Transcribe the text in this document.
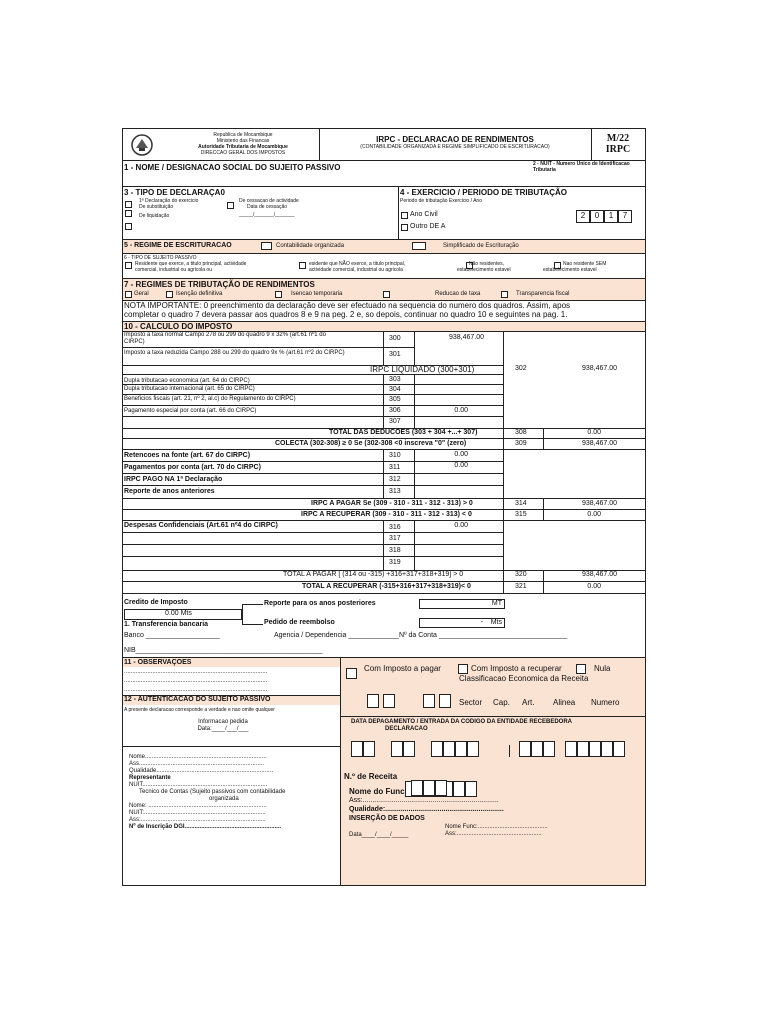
Republica de Mocambique
Ministerio das Financas
Autoridade Tributaria de Mocambique
DIRECCAO GERAL DOS IMPOSTOS
IRPC - DECLARACAO DE RENDIMENTOS
(CONTABILIDADE ORGANIZADA E REGIME SIMPLIFICADO DE ESCRITURACAO)
M/22
IRPC
1 - NOME / DESIGNACAO SOCIAL DO SUJEITO PASSIVO	2 - NUIT - Numero Unico de Identificacao Tributaria
3 - TIPO DE DECLARAÇA0
1ª Declaração do exercicio
De substituição
De liquidação
De cessacao de actividade
Data de cessação
_____/_______/_______
4 - EXERCICIO / PERIODO DE TRIBUTAÇÃO
Periodo de tributação Exercicio / Ano
Ano Civil
Outro DE A
2	0	1	7
5 - REGIME DE ESCRITURACAO	Contabilidade organizada	Simplificado de Escrituração
6 - TIPO DE SUJEITO PASSIVO
Residente que exerce, a titulo principal, actividade
comercial, industrial ou agricola ou
esidente que NÃO exerce, a titulo principal,
actividade comercial, industrial ou agricola
Não residentes,
estabelecimento estavel
Nao residente SEM
estabelecimento estavel
7 - REGIMES DE TRIBUTAÇÃO DE RENDIMENTOS
Geral	Isenção definitiva	Isencao temporaria	Reducao de taxa	Transparencia fiscal
NOTA IMPORTANTE: 0 preenchimento da declaração deve ser efectuado na sequencia do numero dos quadros. Assim, apos
completar o quadro 7 devera passar aos quadros 8 e 9 na peg. 2 e, so depois, continuar no quadro 10 e seguintes na pag. 1.
10 - CALCULO DO IMPOSTO
Imposto a taxa normal Campo 278 ou 299 do quadro 9 x 32% (art.61 nº1 do
CIRPC)	300	938,467.00
Imposto a taxa reduzida Campo 288 ou 299 do quadro 9x % (art.61 nº2 do CIRPC)	301
IRPC LIQUIDADO (300+301)	302	938,467.00
Dupla tributacao economica (art. 64 do CIRPC)	303
Dupla tributacao internacional (art. 65 do CIRPC)	304
Beneficios fiscais (art. 21, nº 2, al.c) do Regulamento do CIRPC)	305
Pagamento especial por conta (art. 66 do CIRPC)	306	0.00
307
TOTAL DAS DEDUCOES (303 + 304 +...+ 307)	308	0.00
COLECTA (302-308) ≥ 0 Se (302-308 <0 inscreva "0" (zero)	309	938,467.00
Retencoes na fonte (art. 67 do CIRPC)	310	0.00
Pagamentos por conta (art. 70 do CIRPC)	311	0.00
IRPC PAGO NA 1ª Declaração	312
Reporte de anos anteriores	313
IRPC A PAGAR Se (309 - 310 - 311 - 312 - 313) > 0	314	938,467.00
IRPC A RECUPERAR (309 - 310 - 311 - 312 - 313) < 0	315	0.00
Despesas Confidenciais (Art.61 nº4 do CIRPC)	316	0.00
317
318
319
TOTAL A PAGAR [ (314 ou -315) +316+317+318+319] > 0	320	938,467.00
TOTAL A RECUPERAR (-315+316+317+318+319)< 0	321	0.00
Credito de Imposto
0.00 Mts
Reporte para os anos posteriores	MT
1. Transferencia bancaria	Pedido de reembolso	- Mts
Banco ___________________	Agencia / Dependencia _____________Nº da Conta _________________________________
NIB________________________________________________
11 - OBSERVAÇOES
......................................................................................
......................................................................................
......................................................................................
Com Imposto a pagar	Com Imposto a recuperar	Nula
Classificacao Economica da Receita
Sector Cap. Art. Alinea Numero
12 - AUTENTICACAO DO SUJEITO PASSIVO
A presente declaracao corresponde a verdade e nao omite qualquer
Informacao pedida
Data:____/___/___
Nome.........................................................................
Ass...........................................................................
Qualidade......................................................................
Representante
NUIT...........................................................................
Tecnico de Contas (Sujeito passivos com contabilidade
organizada
Nome: .......................................................................
NUIT:.........................................................................
Ass:...........................................................................
Nº de Inscrição DGI..........................................................
DATA DEPAGAMENTO / ENTRADA DA CODIGO DA ENTIDADE RECEBEDORA
DECLARACAO
N.º de Receita
Nome do Func
Ass:......................................................................
Qualidade:.............................................................
INSERÇÃO DE DADOS
Nome Func:..........................................
Data____/____/_____	Ass:...................................................
